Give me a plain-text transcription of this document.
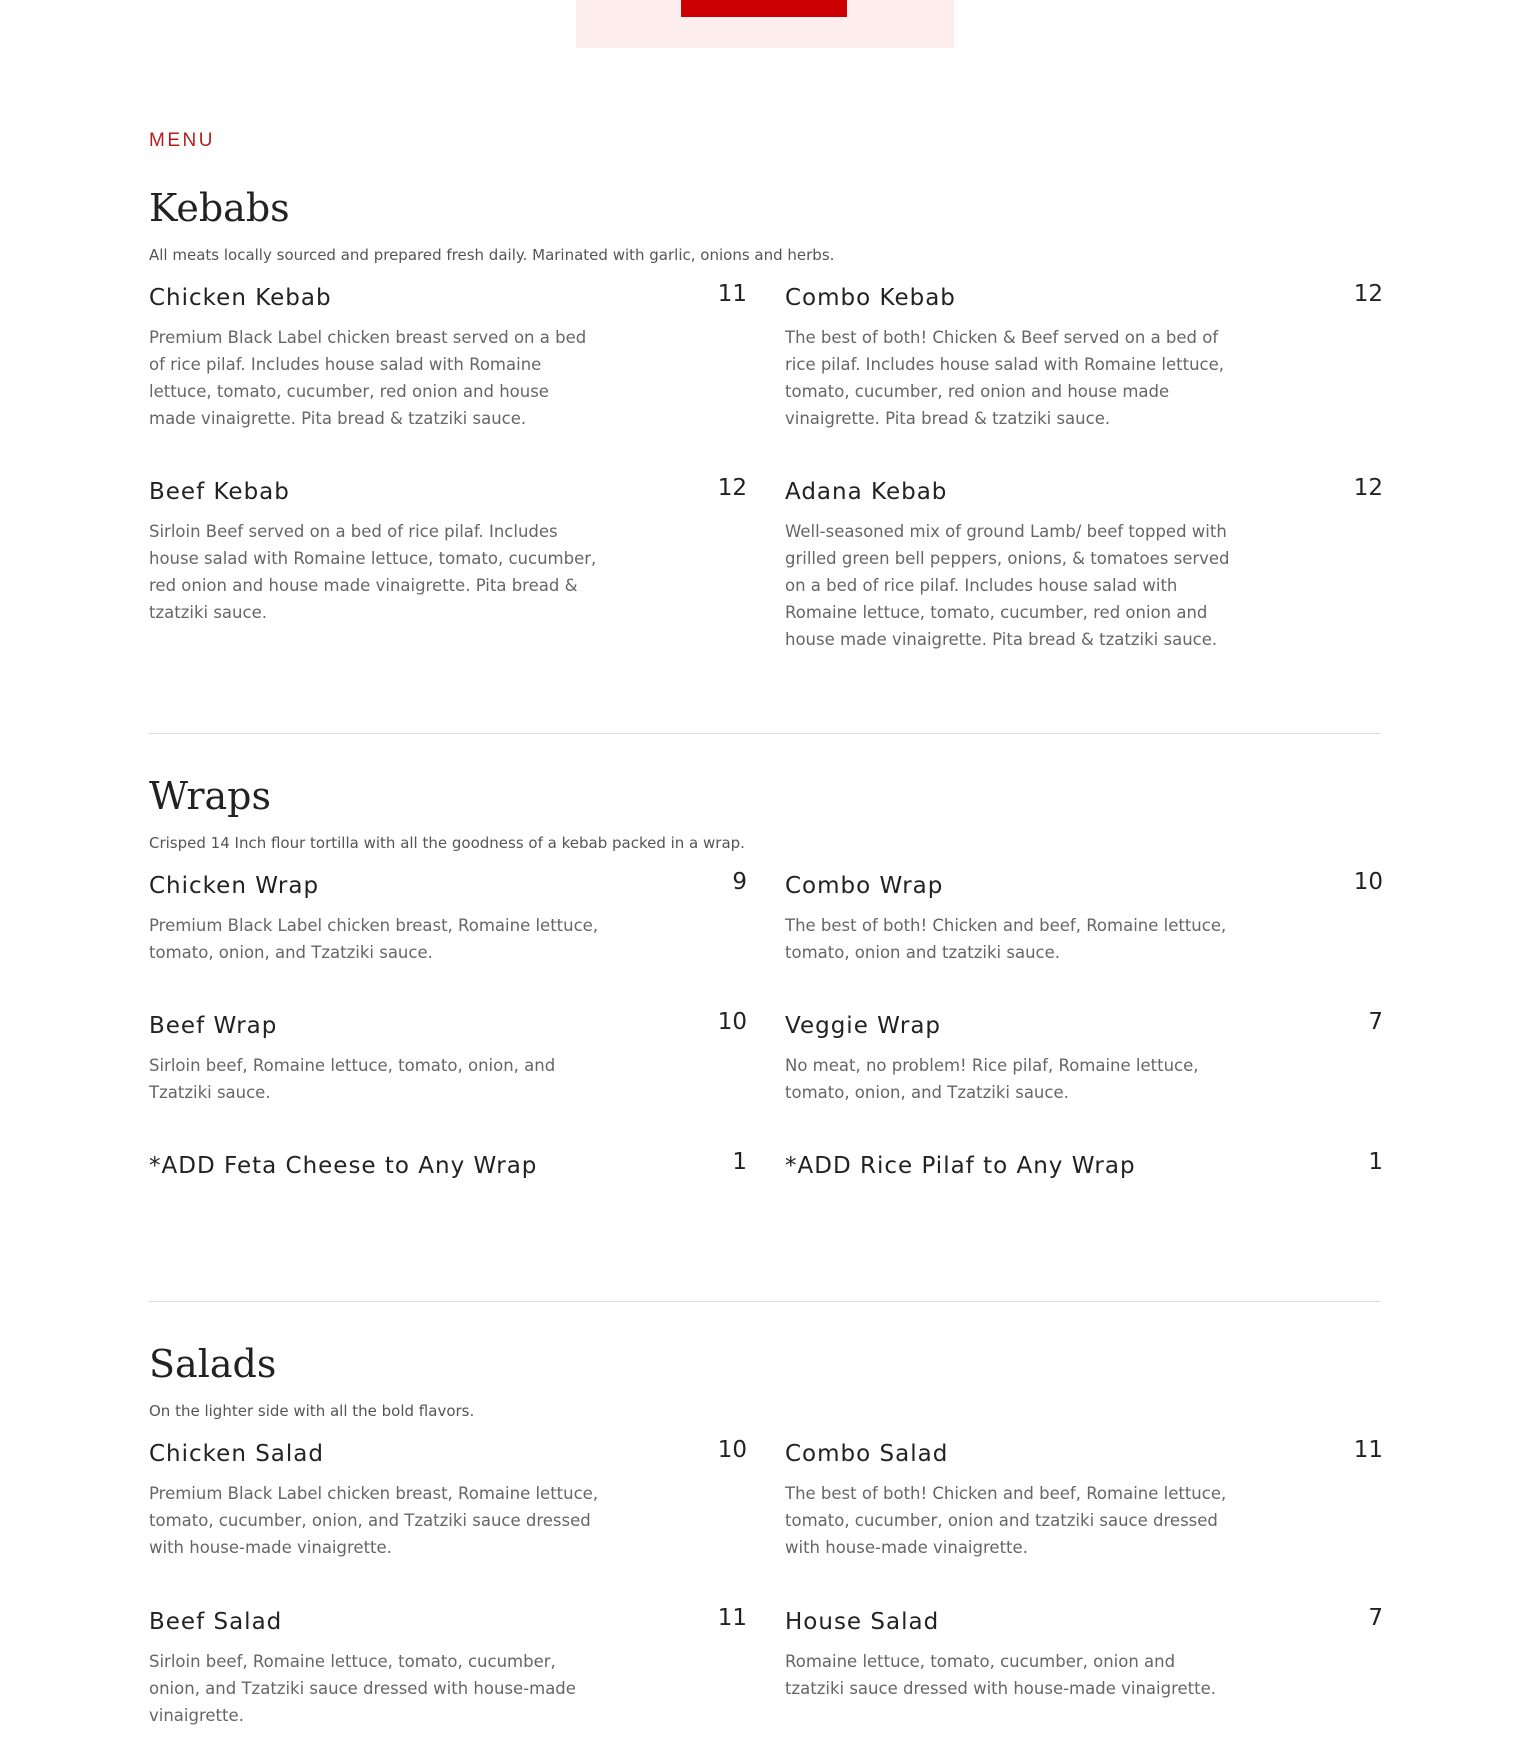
MENU
Kebabs
All meats locally sourced and prepared fresh daily. Marinated with garlic, onions and herbs.
Chicken Kebab	11
Premium Black Label chicken breast served on a bed of rice pilaf. Includes house salad with Romaine lettuce, tomato, cucumber, red onion and house made vinaigrette. Pita bread & tzatziki sauce.
Combo Kebab	12
The best of both! Chicken & Beef served on a bed of rice pilaf. Includes house salad with Romaine lettuce, tomato, cucumber, red onion and house made vinaigrette. Pita bread & tzatziki sauce.
Beef Kebab	12
Sirloin Beef served on a bed of rice pilaf. Includes house salad with Romaine lettuce, tomato, cucumber, red onion and house made vinaigrette. Pita bread & tzatziki sauce.
Adana Kebab	12
Well-seasoned mix of ground Lamb/ beef topped with grilled green bell peppers, onions, & tomatoes served on a bed of rice pilaf. Includes house salad with Romaine lettuce, tomato, cucumber, red onion and house made vinaigrette. Pita bread & tzatziki sauce.
Wraps
Crisped 14 Inch flour tortilla with all the goodness of a kebab packed in a wrap.
Chicken Wrap	9
Premium Black Label chicken breast, Romaine lettuce, tomato, onion, and Tzatziki sauce.
Combo Wrap	10
The best of both! Chicken and beef, Romaine lettuce, tomato, onion and tzatziki sauce.
Beef Wrap	10
Sirloin beef, Romaine lettuce, tomato, onion, and Tzatziki sauce.
Veggie Wrap	7
No meat, no problem! Rice pilaf, Romaine lettuce, tomato, onion, and Tzatziki sauce.
*ADD Feta Cheese to Any Wrap	1 *ADD Rice Pilaf to Any Wrap	1
Salads
On the lighter side with all the bold flavors.
Chicken Salad	10
Premium Black Label chicken breast, Romaine lettuce, tomato, cucumber, onion, and Tzatziki sauce dressed with house-made vinaigrette.
Combo Salad	11
The best of both! Chicken and beef, Romaine lettuce, tomato, cucumber, onion and tzatziki sauce dressed with house-made vinaigrette.
Beef Salad	11
Sirloin beef, Romaine lettuce, tomato, cucumber, onion, and Tzatziki sauce dressed with house-made vinaigrette.
House Salad	7
Romaine lettuce, tomato, cucumber, onion and tzatziki sauce dressed with house-made vinaigrette.
